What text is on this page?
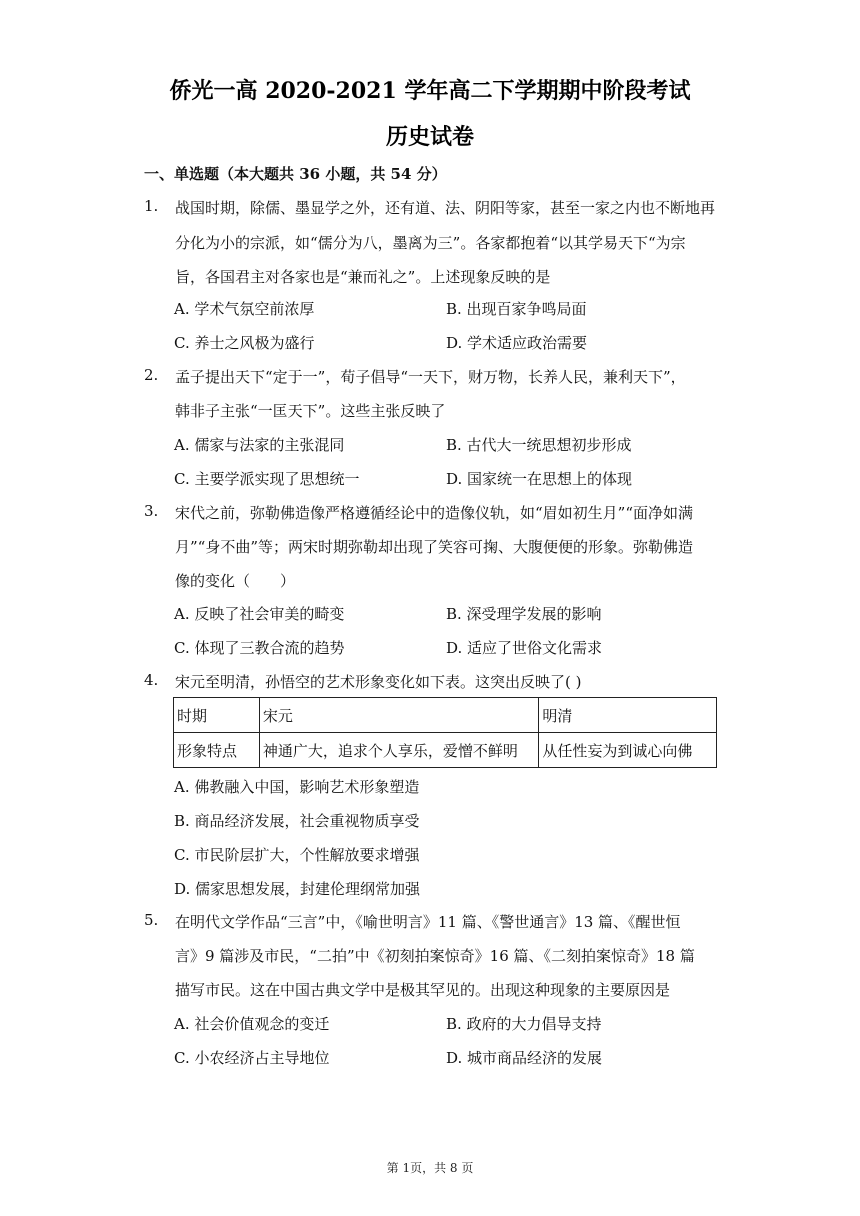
侨光一高 2020-2021 学年高二下学期期中阶段考试
历史试卷
一、单选题（本大题共 36 小题，共 54 分）
1. 战国时期，除儒、墨显学之外，还有道、法、阴阳等家，甚至一家之内也不断地再
分化为小的宗派，如“儒分为八，墨离为三”。各家都抱着“以其学易天下“为宗
旨，各国君主对各家也是“兼而礼之”。上述现象反映的是
A. 学术气氛空前浓厚	B. 出现百家争鸣局面
C. 养士之风极为盛行	D. 学术适应政治需要
2. 孟子提出天下“定于一”，荀子倡导“一天下，财万物，长养人民，兼利天下”，
韩非子主张“一匡天下”。这些主张反映了
A. 儒家与法家的主张混同	B. 古代大一统思想初步形成
C. 主要学派实现了思想统一	D. 国家统一在思想上的体现
3. 宋代之前，弥勒佛造像严格遵循经论中的造像仪轨，如“眉如初生月”“面净如满
月”“身不曲”等；两宋时期弥勒却出现了笑容可掬、大腹便便的形象。弥勒佛造
像的变化（　　）
A. 反映了社会审美的畸变	B. 深受理学发展的影响
C. 体现了三教合流的趋势	D. 适应了世俗文化需求
4. 宋元至明清，孙悟空的艺术形象变化如下表。这突出反映了( )
时期	宋元	明清
形象特点	神通广大，追求个人享乐，爱憎不鲜明	从任性妄为到诚心向佛
A. 佛教融入中国，影响艺术形象塑造
B. 商品经济发展，社会重视物质享受
C. 市民阶层扩大，个性解放要求增强
D. 儒家思想发展，封建伦理纲常加强
5. 在明代文学作品“三言”中，《喻世明言》11 篇、《警世通言》13 篇、《醒世恒
言》9 篇涉及市民，“二拍”中《初刻拍案惊奇》16 篇、《二刻拍案惊奇》18 篇
描写市民。这在中国古典文学中是极其罕见的。出现这种现象的主要原因是
A. 社会价值观念的变迁	B. 政府的大力倡导支持
C. 小农经济占主导地位	D. 城市商品经济的发展
第 1页，共 8 页
